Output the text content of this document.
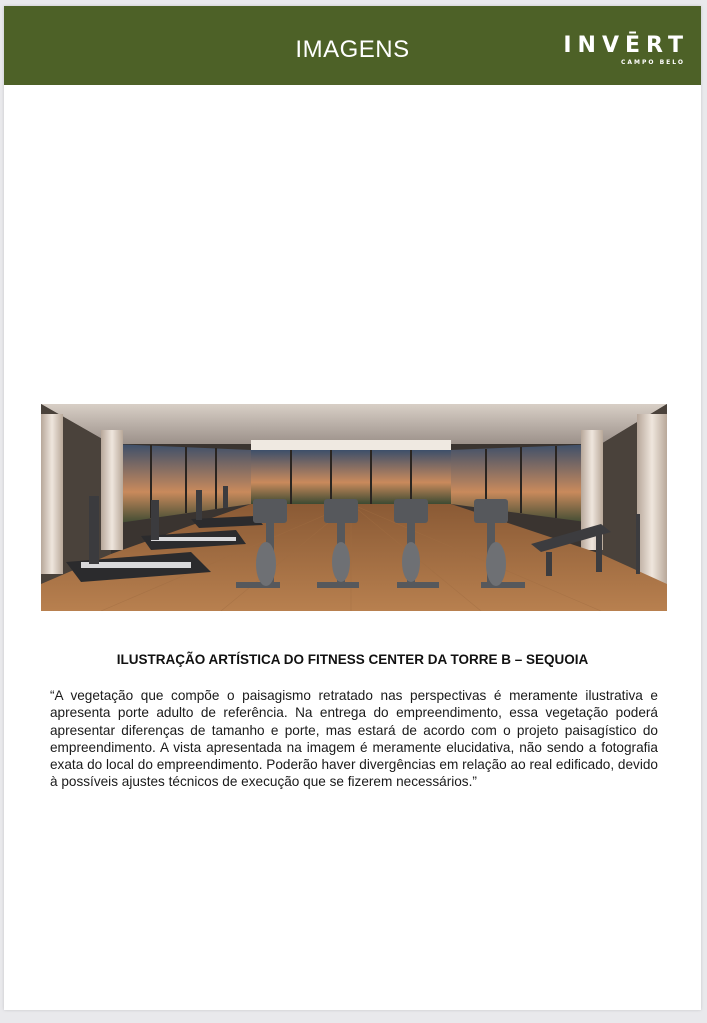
IMAGENS	INVĒRT
CAMPO BELO
ILUSTRAÇÃO ARTÍSTICA DO FITNESS CENTER DA TORRE B – SEQUOIA
“A vegetação que compõe o paisagismo retratado nas perspectivas é meramente ilustrativa e apresenta porte adulto de referência. Na entrega do empreendimento, essa vegetação poderá apresentar diferenças de tamanho e porte, mas estará de acordo com o projeto paisagístico do empreendimento. A vista apresentada na imagem é meramente elucidativa, não sendo a fotografia exata do local do empreendimento. Poderão haver divergências em relação ao real edificado, devido à possíveis ajustes técnicos de execução que se fizerem necessários.”
